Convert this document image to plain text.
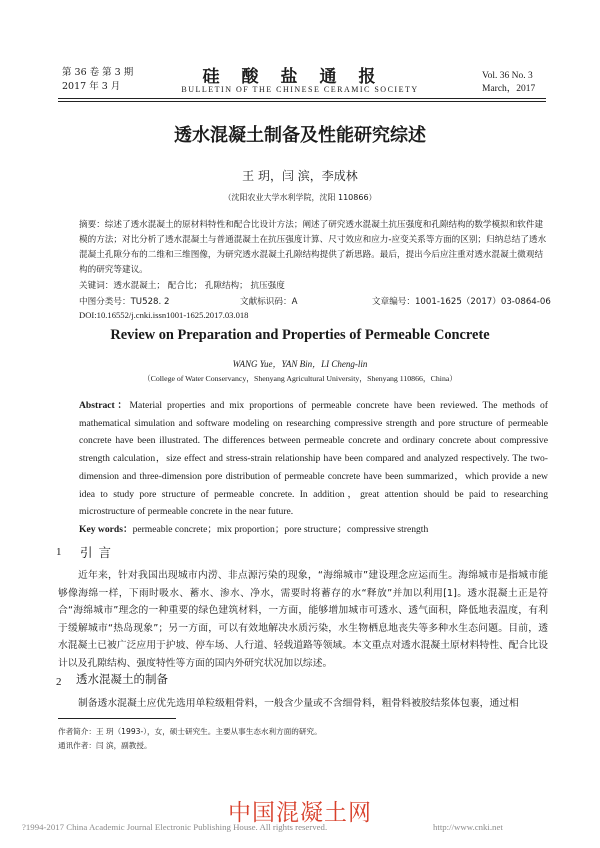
第 36 卷 第 3 期
2017 年 3 月	硅酸盐通报
BULLETIN OF THE CHINESE CERAMIC SOCIETY
Vol. 36 No. 3
March，2017
透水混凝土制备及性能研究综述
王 玥，闫 滨，李成林
（沈阳农业大学水利学院，沈阳 110866）
摘要：综述了透水混凝土的原材料特性和配合比设计方法；阐述了研究透水混凝土抗压强度和孔隙结构的数学模拟和软件建模的方法；对比分析了透水混凝土与普通混凝土在抗压强度计算、尺寸效应和应力-应变关系等方面的区别；归纳总结了透水混凝土孔隙分布的二维和三维图像，为研究透水混凝土孔隙结构提供了新思路。最后，提出今后应注重对透水混凝土微观结构的研究等建议。
关键词：透水混凝土； 配合比； 孔隙结构； 抗压强度
中图分类号：TU528. 2	文献标识码：A	文章编号：1001-1625（2017）03-0864-06
DOI:10.16552/j.cnki.issn1001-1625.2017.03.018
Review on Preparation and Properties of Permeable Concrete
WANG Yue，YAN Bin，LI Cheng-lin
（College of Water Conservancy，Shenyang Agricultural University，Shenyang 110866，China）
Abstract：Material properties and mix proportions of permeable concrete have been reviewed. The methods of mathematical simulation and software modeling on researching compressive strength and pore structure of permeable concrete have been illustrated. The differences between permeable concrete and ordinary concrete about compressive strength calculation，size effect and stress-strain relationship have been compared and analyzed respectively. The two-dimension and three-dimension pore distribution of permeable concrete have been summarized，which provide a new idea to study pore structure of permeable concrete. In addition，great attention should be paid to researching microstructure of permeable concrete in the near future.
Key words：permeable concrete；mix proportion；pore structure；compressive strength
1 引言
近年来，针对我国出现城市内涝、非点源污染的现象，“海绵城市”建设理念应运而生。海绵城市是指城市能够像海绵一样，下雨时吸水、蓄水、渗水、净水，需要时将蓄存的水“释放”并加以利用[1]。透水混凝土正是符合“海绵城市”理念的一种重要的绿色建筑材料，一方面，能够增加城市可透水、透气面积，降低地表温度，有利于缓解城市“热岛现象”；另一方面，可以有效地解决水质污染，水生物栖息地丧失等多种水生态问题。目前，透水混凝土已被广泛应用于护坡、停车场、人行道、轻载道路等领域。本文重点对透水混凝土原材料特性、配合比设计以及孔隙结构、强度特性等方面的国内外研究状况加以综述。
2 透水混凝土的制备
制备透水混凝土应优先选用单粒级粗骨料，一般含少量或不含细骨料，粗骨料被胶结浆体包裹，通过相
作者简介：王 玥（1993-），女，硕士研究生。主要从事生态水利方面的研究。
通讯作者：闫 滨，副教授。
中国混凝土网
?1994-2017 China Academic Journal Electronic Publishing House. All rights reserved.	http://www.cnki.net
